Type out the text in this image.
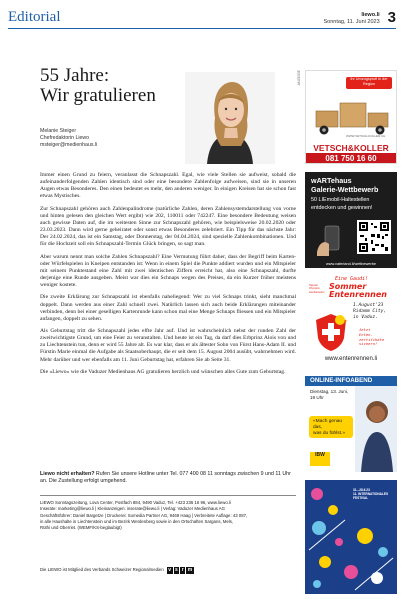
Editorial	liewo.li
Sonntag, 11. Juni 2023 3
55 Jahre:
Wir gratulieren
Melanie Steiger
Chefredaktorin Liewo
msteiger@medienhaus.li

Immer einen Grund zu feiern, veranlasst die Schnapszahl. Egal, wie viele Stellen sie aufweist, sobald die aufeinanderfolgenden Zahlen identisch sind oder eine besondere Zahlenfolge aufweisen, sind sie in unseren Augen etwas Besonderes. Den einen bedeutet es mehr, den anderen weniger. In einigen Kreisen hat sie schon fast etwas Mystisches.

Zur Schnapszahl gehören auch Zahlenpalindrome (natürliche Zahlen, deren Zahlensystemdarstellung von vorne und hinten gelesen den gleichen Wert ergibt) wie 202, 110011 oder 742247. Eine besondere Bedeutung weisen auch gewisse Daten auf, die im weitesten Sinne zur Schnapszahl gehören, wie beispielsweise 20.02.2020 oder 23.03.2023. Dann wird gerne geheiratet oder sonst etwas Besonderes zelebriert. Ein Tipp für das nächste Jahr: Der 24.02.2024, das ist ein Samstag, oder Donnerstag, der 04.04.2024, sind spezielle Zahlenkombinationen. Und für die Hochzeit soll ein Schnapszahl-Termin Glück bringen, so sagt man.

Aber warum nennt man solche Zahlen Schnapszahl? Eine Vermutung führt daher, dass der Begriff beim Karten- oder Würfelspielen in Kneipen entstanden ist: Wenn in einem Spiel die Punkte addiert wurden und ein Mitspieler mit seinem Punktestand eine Zahl mit zwei identischen Ziffern erreicht hat, also eine Schnapszahl, durfte derjenige eine Runde ausgeben. Meist war dies ein Schnaps wegen des Preises, da ein Kurzer früher meistens weniger kostete.

Die zweite Erklärung zur Schnapszahl ist ebenfalls naheliegend: Wer zu viel Schnaps trinkt, sieht manchmal doppelt. Dann werden aus einer Zahl schnell zwei. Natürlich lassen sich auch beide Erklärungen miteinander verbinden, denn bei einer geselligen Kartenrunde kann schon mal eine Menge Schnaps fliessen und ein Mitspieler anfangen, doppelt zu sehen.

Als Geburtstag tritt die Schnapszahl jedes elfte Jahr auf. Und ist wahrscheinlich nebst der runden Zahl der zweitwichtigste Grund, um eine Feier zu veranstalten. Und heute ist ein Tag, da darf dies Erbprinz Alois von und zu Liechtenstein tun, denn er wird 55 Jahre alt. Es war klar, dass er als ältester Sohn von Fürst Hans-Adam II. und Fürstin Marie einmal die Aufgabe als Staatsoberhaupt, die er seit dem 15. August 2004 ausübt, wahrnehmen wird. Mehr darüber und wer ebenfalls am 11. Juni Geburtstag hat, erfahren Sie ab Seite 31.

Die «Liewo» wie die Vaduzer Medienhaus AG gratulieren herzlich und wünschen alles Gute zum Geburtstag.

Liewo nicht erhalten? Rufen Sie unsere Hotline unter Tel. 077 400 08 11 sonntags zwischen 9 und 11 Uhr an. Die Zustellung erfolgt umgehend.
LIEWO Sonntagszeitung, Lova Center, Postfach 884, 9490 Vaduz, Tel. +423 236 16 96, www.liewo.li
Inserate: marketing@liewo.li | Kleinanzeigen: inserate@liewo.li | Verlag: Vaduzer Medienhaus AG
Geschäftsführer: Daniel Bargetze | Druckerei: Somedia Partner AG, 9469 Haag | Verbreitete Auflage: 43 087,
in alle Haushalte in Liechtenstein und im Bezirk Werdenberg sowie in den Ortschaften Sargans, Mels,
Rüthi und Oberriet. (WEMF/KS-beglaubigt)
Die LIEWO ist Mitglied des Verbands Schweizer Regionalmedien v s r m
ANZEIGE	Ihr Umzugsprofi in der Region
WWW.VETSCH-KOLLER.CH
VETSCH&KOLLER
081 750 16 60
wARTehaus
Galerie-Wettbewerb
50 LIEmobil-Haltestellen
entdecken und gewinnen!
www.vaterland.li/wettbewerbe
Special
Olympics
Liechtenstein
Eine Gaudi!
Sommer
Entenrennen
1.August'23
Ridamm City,
in Vaduz.
Jetzt
Enten-
zertifikate
sichern!
www.entenrennen.li
ONLINE-INFOABEND
Dienstag, 13. Juni,
19 Uhr
«Mach genau das,
was du fühlst.»
IBW
31.–28.6.23
11. INTERNATIONALES
FESTIVAL
